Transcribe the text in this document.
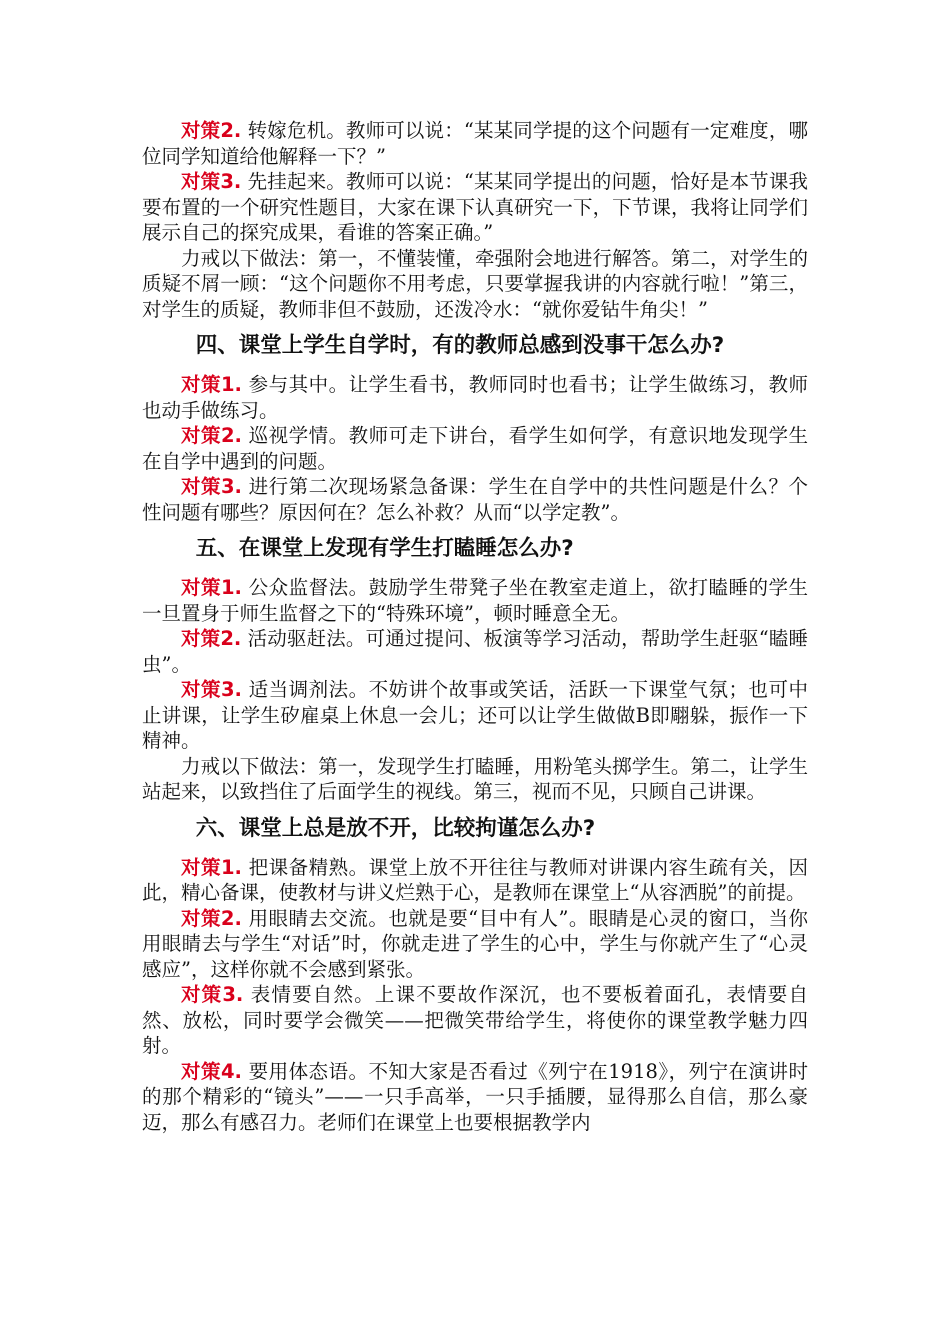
对策2. 转嫁危机。教师可以说：“某某同学提的这个问题有一定难度，哪位同学知道给他解释一下？”

对策3. 先挂起来。教师可以说：“某某同学提出的问题，恰好是本节课我要布置的一个研究性题目，大家在课下认真研究一下，下节课，我将让同学们展示自己的探究成果，看谁的答案正确。”

力戒以下做法：第一，不懂装懂，牵强附会地进行解答。第二，对学生的质疑不屑一顾：“这个问题你不用考虑，只要掌握我讲的内容就行啦！”第三，对学生的质疑，教师非但不鼓励，还泼冷水：“就你爱钻牛角尖！”

四、课堂上学生自学时，有的教师总感到没事干怎么办?

对策1. 参与其中。让学生看书，教师同时也看书；让学生做练习，教师也动手做练习。

对策2. 巡视学情。教师可走下讲台，看学生如何学，有意识地发现学生在自学中遇到的问题。

对策3. 进行第二次现场紧急备课：学生在自学中的共性问题是什么？个性问题有哪些？原因何在？怎么补救？从而“以学定教”。

五、在课堂上发现有学生打瞌睡怎么办?

对策1. 公众监督法。鼓励学生带凳子坐在教室走道上，欲打瞌睡的学生一旦置身于师生监督之下的“特殊环境”，顿时睡意全无。

对策2. 活动驱赶法。可通过提问、板演等学习活动，帮助学生赶驱“瞌睡虫”。

对策3. 适当调剂法。不妨讲个故事或笑话，活跃一下课堂气氛；也可中止讲课，让学生矽雇桌上休息一会儿；还可以让学生做做B即翢躲，振作一下精神。

力戒以下做法：第一，发现学生打瞌睡，用粉笔头掷学生。第二，让学生站起来，以致挡住了后面学生的视线。第三，视而不见，只顾自己讲课。

六、课堂上总是放不开，比较拘谨怎么办?

对策1. 把课备精熟。课堂上放不开往往与教师对讲课内容生疏有关，因此，精心备课，使教材与讲义烂熟于心，是教师在课堂上“从容洒脱”的前提。

对策2. 用眼睛去交流。也就是要“目中有人”。眼睛是心灵的窗口，当你用眼睛去与学生“对话”时，你就走进了学生的心中，学生与你就产生了“心灵感应”，这样你就不会感到紧张。

对策3. 表情要自然。上课不要故作深沉，也不要板着面孔，表情要自然、放松，同时要学会微笑——把微笑带给学生，将使你的课堂教学魅力四射。

对策4. 要用体态语。不知大家是否看过《列宁在1918》，列宁在演讲时的那个精彩的“镜头”——一只手高举，一只手插腰，显得那么自信，那么豪迈，那么有感召力。老师们在课堂上也要根据教学内
